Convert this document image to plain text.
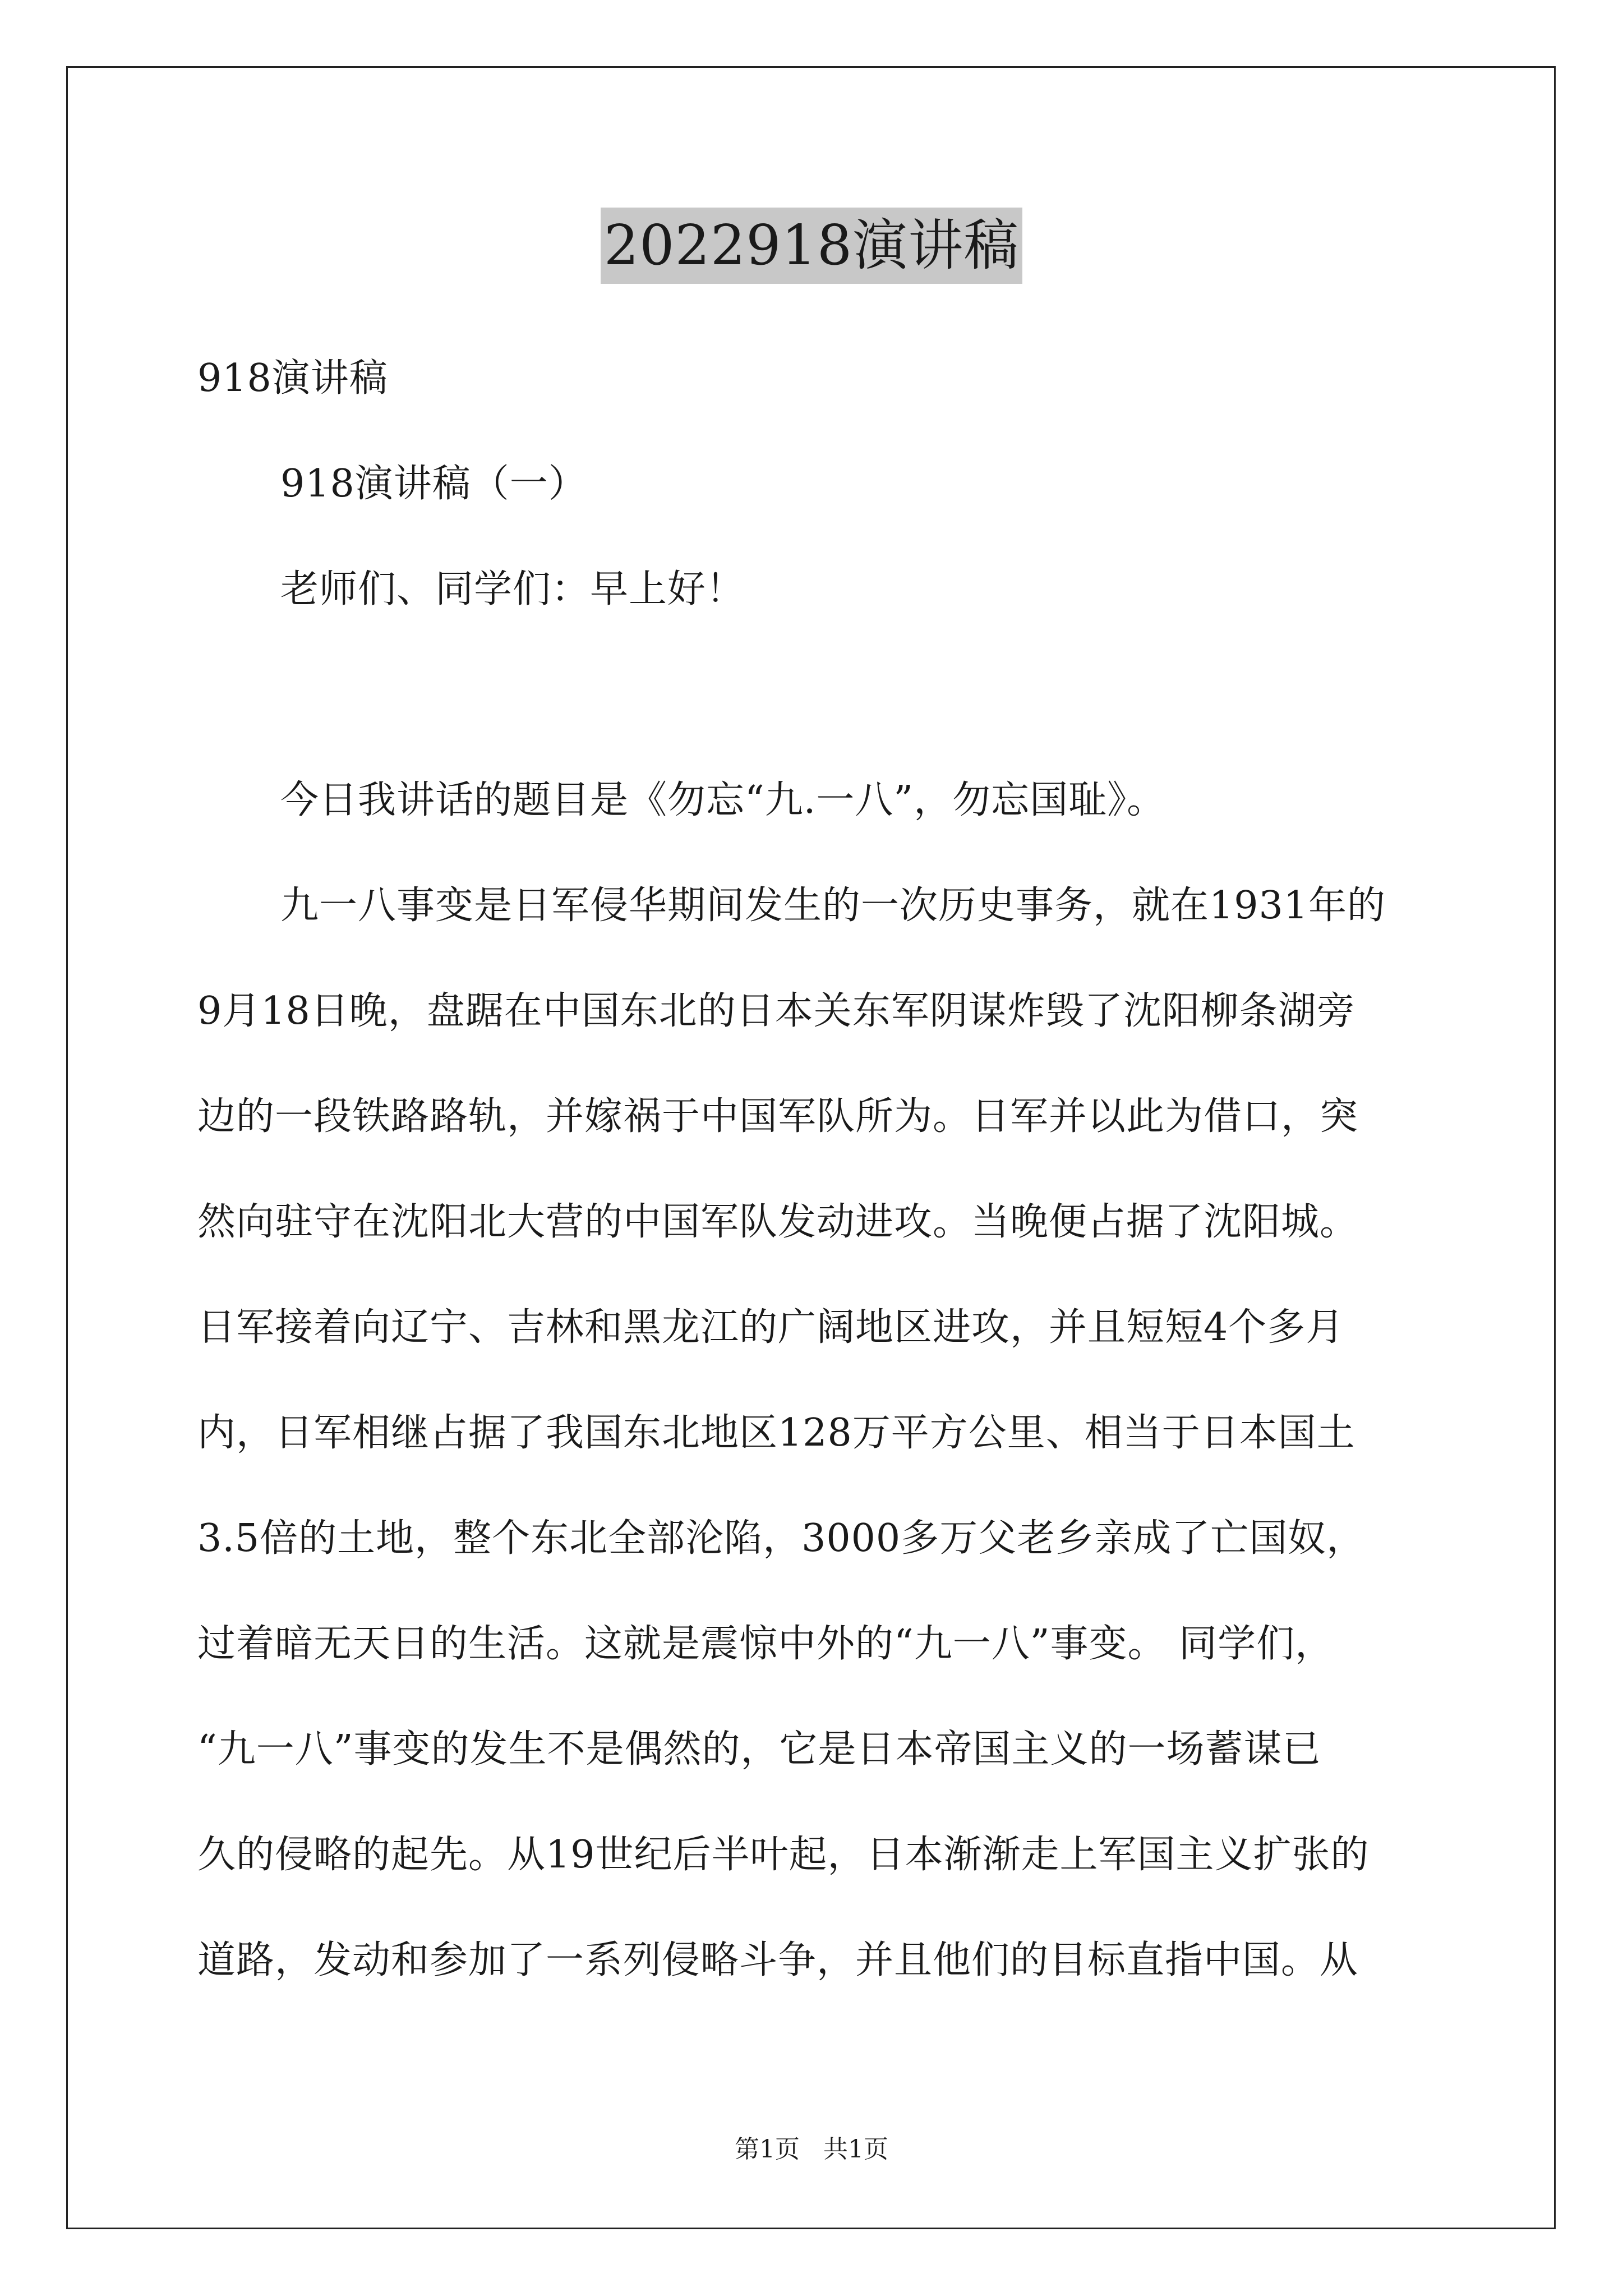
2022918演讲稿
918演讲稿
918演讲稿（一）
老师们、同学们：早上好！
今日我讲话的题目是《勿忘“九.一八”，勿忘国耻》。
九一八事变是日军侵华期间发生的一次历史事务，就在1931年的
9月18日晚，盘踞在中国东北的日本关东军阴谋炸毁了沈阳柳条湖旁
边的一段铁路路轨，并嫁祸于中国军队所为。日军并以此为借口，突
然向驻守在沈阳北大营的中国军队发动进攻。当晚便占据了沈阳城。
日军接着向辽宁、吉林和黑龙江的广阔地区进攻，并且短短4个多月
内，日军相继占据了我国东北地区128万平方公里、相当于日本国土
3.5倍的土地，整个东北全部沦陷，3000多万父老乡亲成了亡国奴，
过着暗无天日的生活。这就是震惊中外的“九一八”事变。 同学们，
“九一八”事变的发生不是偶然的，它是日本帝国主义的一场蓄谋已
久的侵略的起先。从19世纪后半叶起，日本渐渐走上军国主义扩张的
道路，发动和参加了一系列侵略斗争，并且他们的目标直指中国。从
第1页   共1页
